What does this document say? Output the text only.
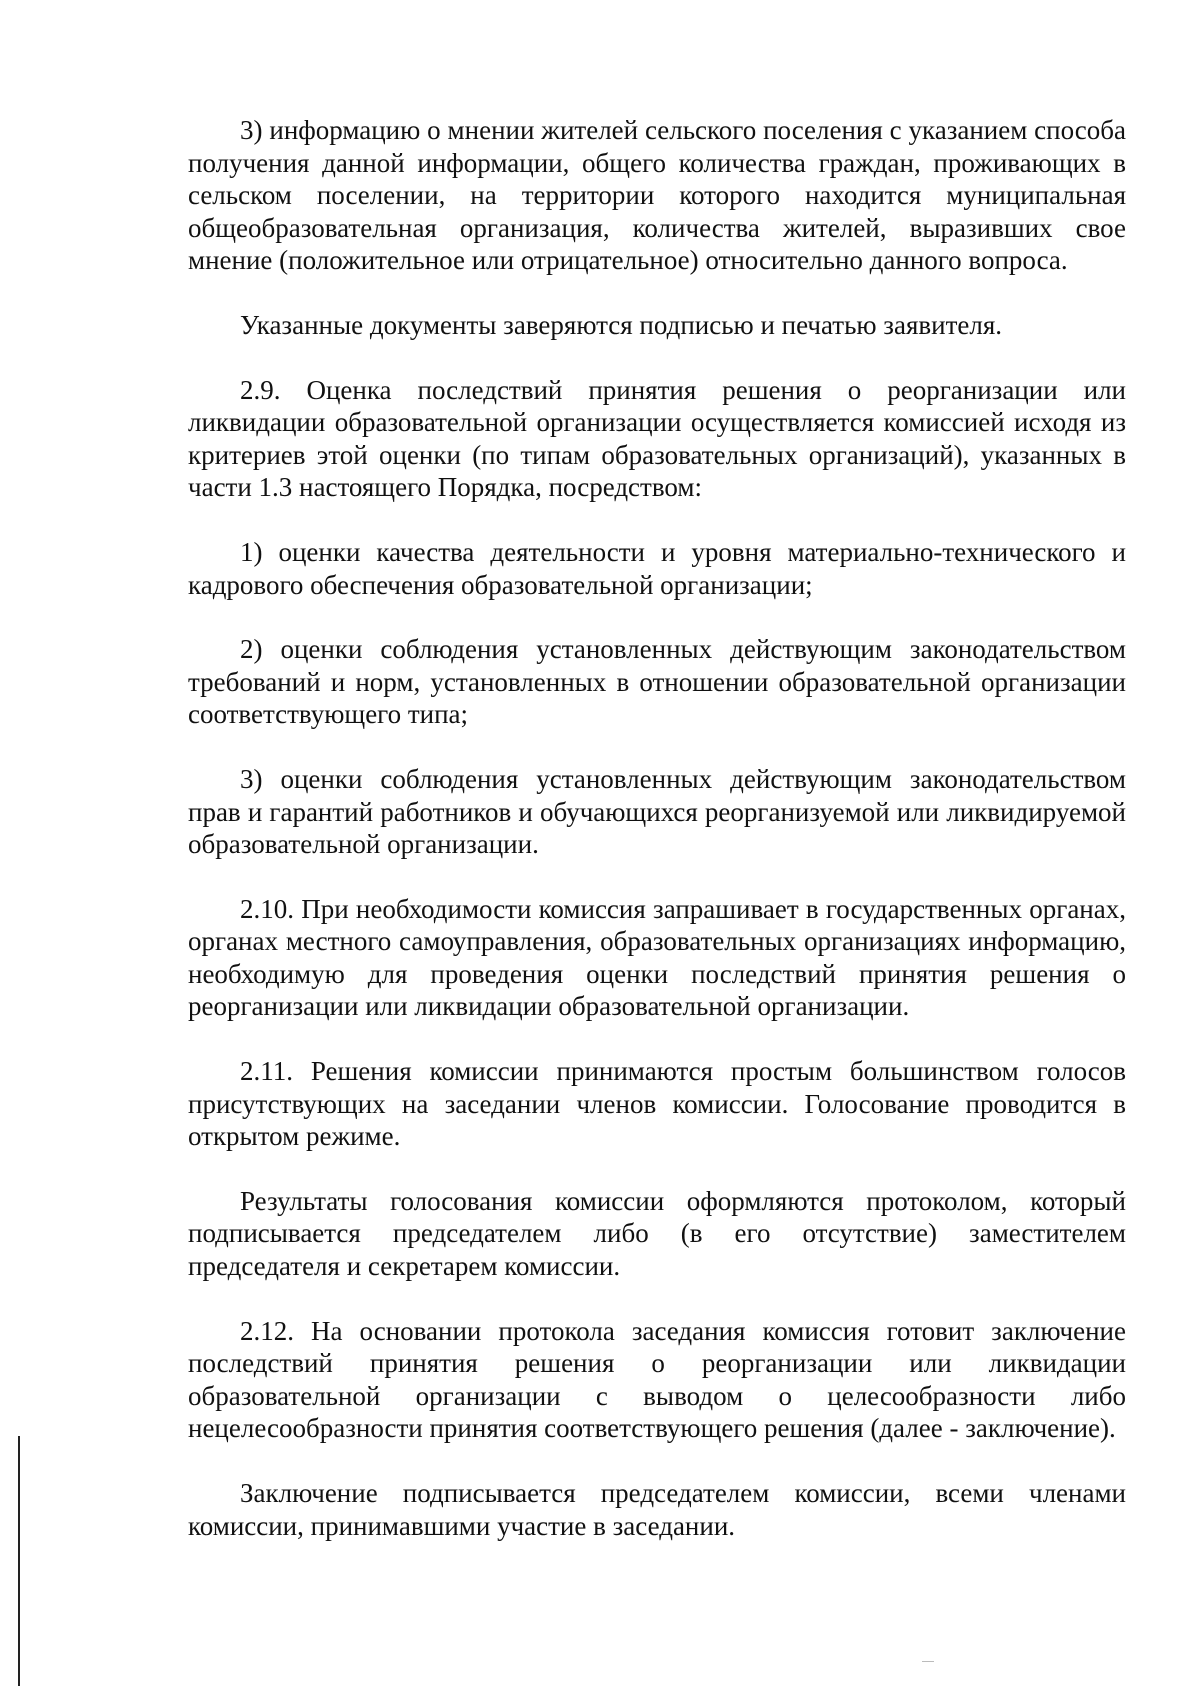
3) информацию о мнении жителей сельского поселения с указанием способа получения данной информации, общего количества граждан, проживающих в сельском поселении, на территории которого находится муниципальная общеобразовательная организация, количества жителей, выразивших свое мнение (положительное или отрицательное) относительно данного вопроса.

Указанные документы заверяются подписью и печатью заявителя.

2.9. Оценка последствий принятия решения о реорганизации или ликвидации образовательной организации осуществляется комиссией исходя из критериев этой оценки (по типам образовательных организаций), указанных в части 1.3 настоящего Порядка, посредством:

1) оценки качества деятельности и уровня материально-технического и кадрового обеспечения образовательной организации;

2) оценки соблюдения установленных действующим законодательством требований и норм, установленных в отношении образовательной организации соответствующего типа;

3) оценки соблюдения установленных действующим законодательством прав и гарантий работников и обучающихся реорганизуемой или ликвидируемой образовательной организации.

2.10. При необходимости комиссия запрашивает в государственных органах, органах местного самоуправления, образовательных организациях информацию, необходимую для проведения оценки последствий принятия решения о реорганизации или ликвидации образовательной организации.

2.11. Решения комиссии принимаются простым большинством голосов присутствующих на заседании членов комиссии. Голосование проводится в открытом режиме.

Результаты голосования комиссии оформляются протоколом, который подписывается председателем либо (в его отсутствие) заместителем председателя и секретарем комиссии.

2.12. На основании протокола заседания комиссия готовит заключение последствий принятия решения о реорганизации или ликвидации образовательной организации с выводом о целесообразности либо нецелесообразности принятия соответствующего решения (далее - заключение).

Заключение подписывается председателем комиссии, всеми членами комиссии, принимавшими участие в заседании.
